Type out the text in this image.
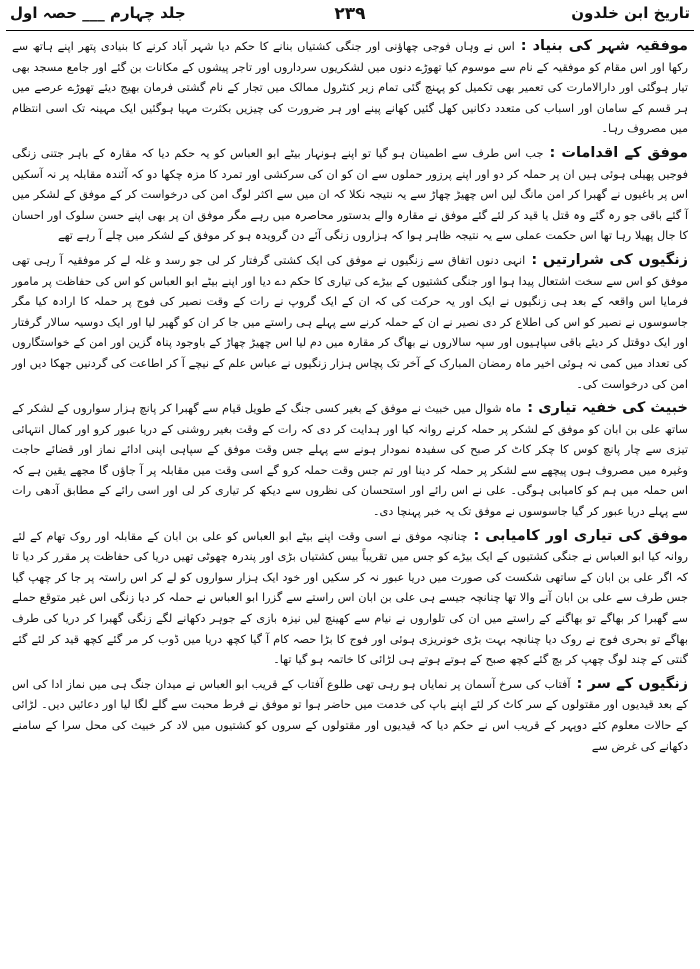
تاریخ ابن خلدون
۲۳۹
جلد چہارم ___ حصہ اول

موفقیہ شہر کی بنیاد :اس نے وہاں فوجی چھاؤنی اور جنگی کشتیاں بنانے کا حکم دیا شہر آباد کرنے کا بنیادی پتھر اپنے ہاتھ سے رکھا اور اس مقام کو موفقیہ کے نام سے موسوم کیا تھوڑے دنوں میں لشکریوں سرداروں اور تاجر پیشوں کے مکانات بن گئے اور جامع مسجد بھی تیار ہوگئی اور دارالامارت کی تعمیر بھی تکمیل کو پہنچ گئی تمام زیر کنٹرول ممالک میں تجار کے نام گشتی فرمان بھیج دیئے تھوڑے عرصے میں ہر قسم کے سامان اور اسباب کی متعدد دکانیں کھل گئیں کھانے پینے اور ہر ضرورت کی چیزیں بکثرت مہیا ہوگئیں ایک مہینہ تک اسی انتظام میں مصروف رہا۔

موفق کے اقدامات :جب اس طرف سے اطمینان ہو گیا تو اپنے ہونہار بیٹے ابو العباس کو یہ حکم دیا کہ مقارہ کے باہر جتنی زنگی فوجیں پھیلی ہوئی ہیں ان پر حملہ کر دو اور اپنے پرزور حملوں سے ان کو ان کی سرکشی اور تمرد کا مزہ چکھا دو کہ آئندہ مقابلہ پر نہ آسکیں اس پر باغیوں نے گھبرا کر امن مانگ لیں اس چھیڑ چھاڑ سے یہ نتیجہ نکلا کہ ان میں سے اکثر لوگ امن کی درخواست کر کے موفق کے لشکر میں آ گئے باقی جو رہ گئے وہ قتل یا قید کر لئے گئے موفق نے مقارہ والے بدستور محاصرہ میں رہے مگر موفق ان پر بھی اپنے حسن سلوک اور احسان کا جال پھیلا رہا تھا اس حکمت عملی سے یہ نتیجہ ظاہر ہوا کہ ہزاروں زنگی آئے دن گرویدہ ہو کر موفق کے لشکر میں چلے آ رہے تھے

زنگیوں کی شرارتیں :انہی دنوں اتفاق سے زنگیوں نے موفق کی ایک کشتی گرفتار کر لی جو رسد و غلہ لے کر موفقیہ آ رہی تھی موفق کو اس سے سخت اشتعال پیدا ہوا اور جنگی کشتیوں کے بیڑے کی تیاری کا حکم دے دیا اور اپنے بیٹے ابو العباس کو اس کی حفاظت پر مامور فرمایا اس واقعہ کے بعد ہی زنگیوں نے ایک اور یہ حرکت کی کہ ان کے ایک گروپ نے رات کے وقت نصیر کی فوج پر حملہ کا ارادہ کیا مگر جاسوسوں نے نصیر کو اس کی اطلاع کر دی نصیر نے ان کے حملہ کرنے سے پہلے ہی راستے میں جا کر ان کو گھیر لیا اور ایک دوسیہ سالار گرفتار اور ایک دوقتل کر دیئے باقی سپاہیوں اور سپہ سالاروں نے بھاگ کر مقارہ میں دم لیا اس چھیڑ چھاڑ کے باوجود پناہ گزین اور امن کے خواستگاروں کی تعداد میں کمی نہ ہوئی اخیر ماہ رمضان المبارک کے آخر تک پچاس ہزار زنگیوں نے عباس علم کے نیچے آ کر اطاعت کی گردنیں جھکا دیں اور امن کی درخواست کی۔

خبیث کی خفیہ تیاری :ماہ شوال میں خبیث نے موفق کے بغیر کسی جنگ کے طویل قیام سے گھبرا کر پانچ ہزار سواروں کے لشکر کے ساتھ علی بن ابان کو موفق کے لشکر پر حملہ کرنے روانہ کیا اور ہدایت کر دی کہ رات کے وقت بغیر روشنی کے دریا عبور کرو اور کمال انتہائی تیزی سے چار پانچ کوس کا چکر کاٹ کر صبح کی سفیدہ نمودار ہونے سے پہلے جس وقت موفق کے سپاہی اپنی ادائے نماز اور قضائے حاجت وغیرہ میں مصروف ہوں پیچھے سے لشکر پر حملہ کر دینا اور تم جس وقت حملہ کرو گے اسی وقت میں مقابلہ پر آ جاؤں گا مجھے یقین ہے کہ اس حملہ میں ہم کو کامیابی ہوگی۔ علی نے اس رائے اور استحسان کی نظروں سے دیکھ کر تیاری کر لی اور اسی رائے کے مطابق آدھی رات سے پہلے دریا عبور کر گیا جاسوسوں نے موفق تک یہ خبر پہنچا دی۔

موفق کی تیاری اور کامیابی :چنانچہ موفق نے اسی وقت اپنے بیٹے ابو العباس کو علی بن ابان کے مقابلہ اور روک تھام کے لئے روانہ کیا ابو العباس نے جنگی کشتیوں کے ایک بیڑے کو جس میں تقریباً بیس کشتیاں بڑی اور پندرہ چھوٹی تھیں دریا کی حفاظت پر مقرر کر دیا تا کہ اگر علی بن ابان کے ساتھی شکست کی صورت میں دریا عبور نہ کر سکیں اور خود ایک ہزار سواروں کو لے کر اس راستہ پر جا کر چھپ گیا جس طرف سے علی بن ابان آنے والا تھا چنانچہ جیسے ہی علی بن ابان اس راستے سے گزرا ابو العباس نے حملہ کر دیا زنگی اس غیر متوقع حملے سے گھبرا کر بھاگے تو بھاگنے کے راستے میں ان کی تلواروں نے نیام سے کھینچ لیں نیزہ بازی کے جوہر دکھانے لگے زنگی گھبرا کر دریا کی طرف بھاگے تو بحری فوج نے روک دیا چنانچہ بہت بڑی خونریزی ہوئی اور فوج کا بڑا حصہ کام آ گیا کچھ دریا میں ڈوب کر مر گئے کچھ قید کر لئے گئے گنتی کے چند لوگ چھپ کر بچ گئے کچھ صبح کے ہوتے ہوتے ہی لڑائی کا خاتمہ ہو گیا تھا۔

زنگیوں کے سر :آفتاب کی سرخ آسمان پر نمایاں ہو رہی تھی طلوع آفتاب کے قریب ابو العباس نے میدان جنگ ہی میں نماز ادا کی اس کے بعد قیدیوں اور مقتولوں کے سر کاٹ کر لئے اپنے باپ کی خدمت میں حاضر ہوا تو موفق نے فرط محبت سے گلے لگا لیا اور دعائیں دیں۔ لڑائی کے حالات معلوم کئے دوپہر کے قریب اس نے حکم دیا کہ قیدیوں اور مقتولوں کے سروں کو کشتیوں میں لاد کر خبیث کی محل سرا کے سامنے دکھانے کی غرض سے
